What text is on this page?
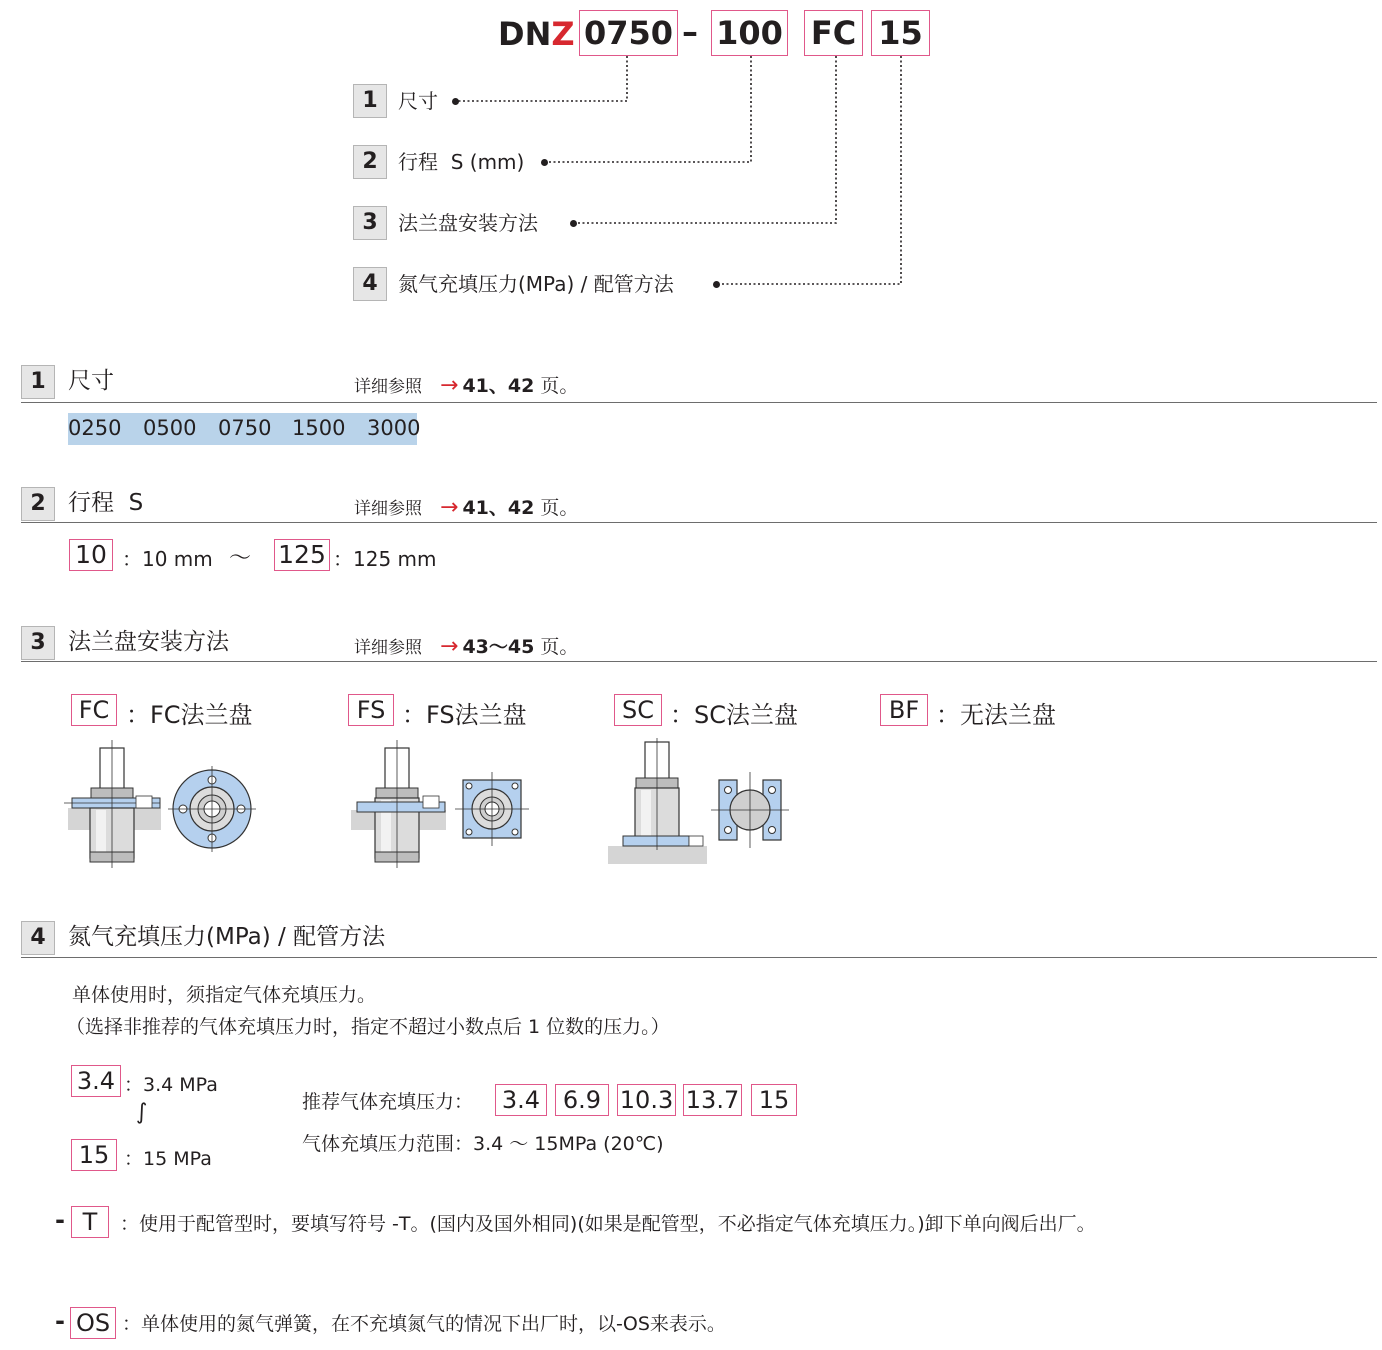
DNZ 0750 – 100 FC 15
1	尺寸
2	行程  S (mm)
3	法兰盘安装方法
4	氮气充填压力(MPa) / 配管方法
1 尺寸	详细参照 → 41、42 页。
0250 0500 0750 1500 3000
2 行程  S	详细参照 → 41、42 页。
10 ：10 mm ～ 125 ：125 mm
3 法兰盘安装方法	详细参照 → 43～45 页。
FC ：FC法兰盘	FS ：FS法兰盘	SC ：SC法兰盘	BF ：无法兰盘
4 氮气充填压力(MPa) / 配管方法
单体使用时，须指定气体充填压力。
（选择非推荐的气体充填压力时，指定不超过小数点后 1 位数的压力。）
3.4 ：3.4 MPa
∫
15 ：15 MPa
推荐气体充填压力： 3.4 6.9 10.3 13.7 15
气体充填压力范围：3.4 ～ 15MPa (20℃)
- T	：使用于配管型时，要填写符号 -T。(国内及国外相同)(如果是配管型，不必指定气体充填压力。)卸下单向阀后出厂。
- OS ：单体使用的氮气弹簧，在不充填氮气的情况下出厂时，以-OS来表示。
